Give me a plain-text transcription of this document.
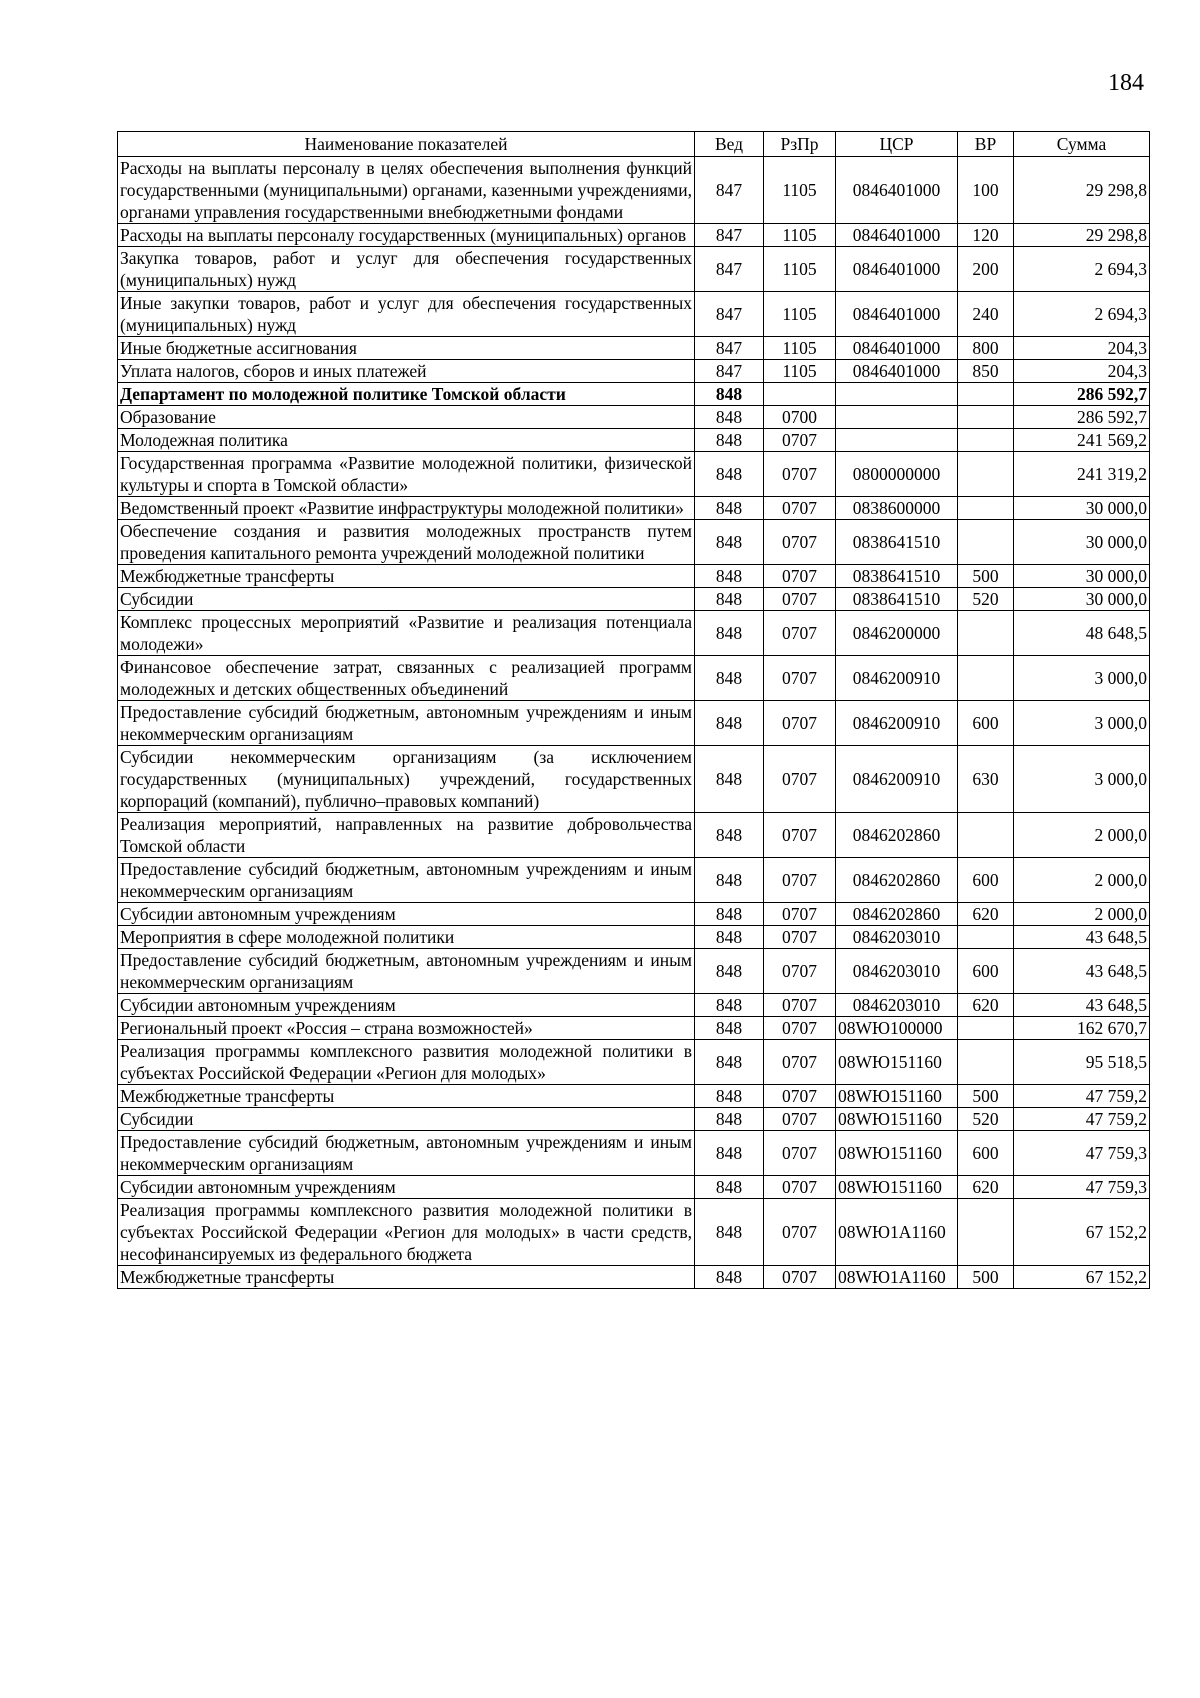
184
Наименование показателей	Вед	РзПр	ЦСР	ВР	Сумма
Расходы на выплаты персоналу в целях обеспечения выполнения функций государственными (муниципальными) органами, казенными учреждениями, органами управления государственными внебюджетными фондами	847	1105	0846401000	100	29 298,8
Расходы на выплаты персоналу государственных (муниципальных) органов	847	1105	0846401000	120	29 298,8
Закупка товаров, работ и услуг для обеспечения государственных (муниципальных) нужд	847	1105	0846401000	200	2 694,3
Иные закупки товаров, работ и услуг для обеспечения государственных (муниципальных) нужд	847	1105	0846401000	240	2 694,3
Иные бюджетные ассигнования	847	1105	0846401000	800	204,3
Уплата налогов, сборов и иных платежей	847	1105	0846401000	850	204,3
Департамент по молодежной политике Томской области	848				286 592,7
Образование	848	0700			286 592,7
Молодежная политика	848	0707			241 569,2
Государственная программа «Развитие молодежной политики, физической культуры и спорта в Томской области»	848	0707	0800000000		241 319,2
Ведомственный проект «Развитие инфраструктуры молодежной политики»	848	0707	0838600000		30 000,0
Обеспечение создания и развития молодежных пространств путем проведения капитального ремонта учреждений молодежной политики	848	0707	0838641510		30 000,0
Межбюджетные трансферты	848	0707	0838641510	500	30 000,0
Субсидии	848	0707	0838641510	520	30 000,0
Комплекс процессных мероприятий «Развитие и реализация потенциала молодежи»	848	0707	0846200000		48 648,5
Финансовое обеспечение затрат, связанных с реализацией программ молодежных и детских общественных объединений	848	0707	0846200910		3 000,0
Предоставление субсидий бюджетным, автономным учреждениям и иным некоммерческим организациям	848	0707	0846200910	600	3 000,0
Субсидии некоммерческим организациям (за исключением государственных (муниципальных) учреждений, государственных корпораций (компаний), публично–правовых компаний)	848	0707	0846200910	630	3 000,0
Реализация мероприятий, направленных на развитие добровольчества Томской области	848	0707	0846202860		2 000,0
Предоставление субсидий бюджетным, автономным учреждениям и иным некоммерческим организациям	848	0707	0846202860	600	2 000,0
Субсидии автономным учреждениям	848	0707	0846202860	620	2 000,0
Мероприятия в сфере молодежной политики	848	0707	0846203010		43 648,5
Предоставление субсидий бюджетным, автономным учреждениям и иным некоммерческим организациям	848	0707	0846203010	600	43 648,5
Субсидии автономным учреждениям	848	0707	0846203010	620	43 648,5
Региональный проект «Россия – страна возможностей»	848	0707	08WЮ100000		162 670,7
Реализация программы комплексного развития молодежной политики в субъектах Российской Федерации «Регион для молодых»	848	0707	08WЮ151160		95 518,5
Межбюджетные трансферты	848	0707	08WЮ151160	500	47 759,2
Субсидии	848	0707	08WЮ151160	520	47 759,2
Предоставление субсидий бюджетным, автономным учреждениям и иным некоммерческим организациям	848	0707	08WЮ151160	600	47 759,3
Субсидии автономным учреждениям	848	0707	08WЮ151160	620	47 759,3
Реализация программы комплексного развития молодежной политики в субъектах Российской Федерации «Регион для молодых» в части средств, несофинансируемых из федерального бюджета	848	0707	08WЮ1A1160		67 152,2
Межбюджетные трансферты	848	0707	08WЮ1A1160	500	67 152,2
